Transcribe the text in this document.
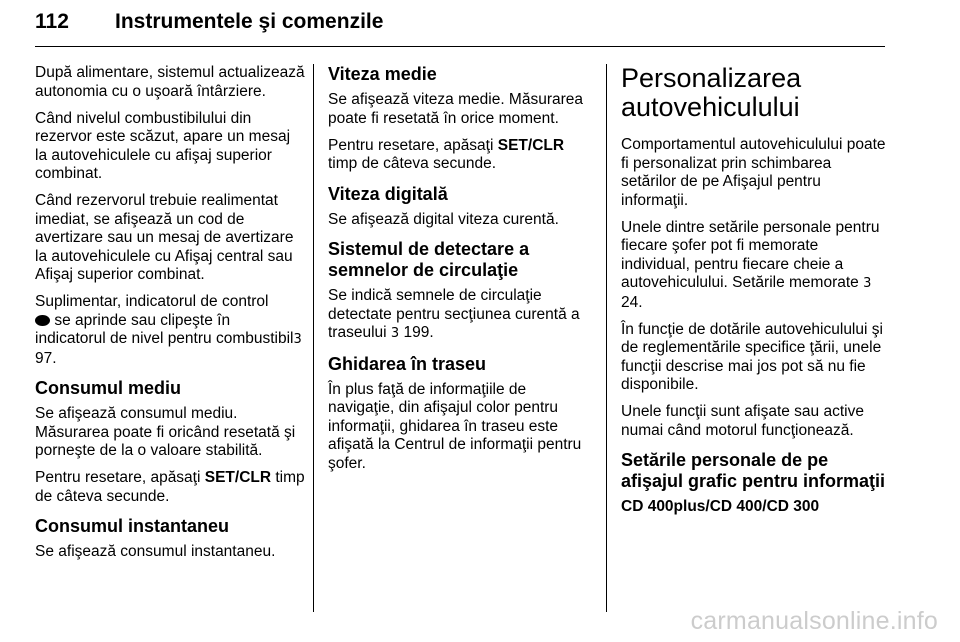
112 Instrumentele şi comenzile

După alimentare, sistemul actualizează autonomia cu o uşoară întârziere.

Când nivelul combustibilului din rezervor este scăzut, apare un mesaj la autovehiculele cu afişaj superior combinat.

Când rezervorul trebuie realimentat imediat, se afişează un cod de avertizare sau un mesaj de avertizare la autovehiculele cu Afişaj central sau Afişaj superior combinat.

Suplimentar, indicatorul de control
se aprinde sau clipeşte în indicatorul de nivel pentru combustibil3 97.

Consumul mediu

Se afişează consumul mediu. Măsurarea poate fi oricând resetată şi porneşte de la o valoare stabilită.

Pentru resetare, apăsaţi SET/CLR timp de câteva secunde.

Consumul instantaneu

Se afişează consumul instantaneu.

Viteza medie

Se afişează viteza medie. Măsurarea poate fi resetată în orice moment.

Pentru resetare, apăsaţi SET/CLR timp de câteva secunde.

Viteza digitală

Se afişează digital viteza curentă.

Sistemul de detectare a semnelor de circulaţie

Se indică semnele de circulaţie detectate pentru secţiunea curentă a traseului 3 199.

Ghidarea în traseu

În plus faţă de informaţiile de navigaţie, din afişajul color pentru informaţii, ghidarea în traseu este afişată la Centrul de informaţii pentru şofer.

Personalizarea autovehiculului

Comportamentul autovehiculului poate fi personalizat prin schimbarea setărilor de pe Afişajul pentru informaţii.

Unele dintre setările personale pentru fiecare şofer pot fi memorate individual, pentru fiecare cheie a autovehiculului. Setările memorate 3 24.

În funcţie de dotările autovehiculului şi de reglementările specifice ţării, unele funcţii descrise mai jos pot să nu fie disponibile.

Unele funcţii sunt afişate sau active numai când motorul funcţionează.

Setările personale de pe afişajul grafic pentru informaţii

CD 400plus/CD 400/CD 300

carmanualsonline.info
